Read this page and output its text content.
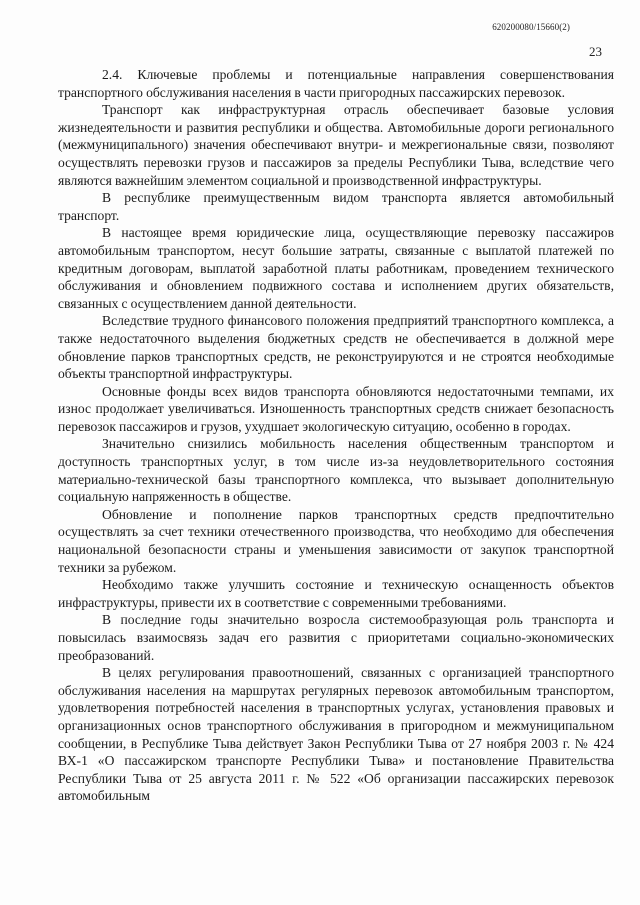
620200080/15660(2)
23

2.4. Ключевые проблемы и потенциальные направления совершенствования транспортного обслуживания населения в части пригородных пассажирских перевозок.

Транспорт как инфраструктурная отрасль обеспечивает базовые условия жизнедеятельности и развития республики и общества. Автомобильные дороги регионального (межмуниципального) значения обеспечивают внутри- и межрегиональные связи, позволяют осуществлять перевозки грузов и пассажиров за пределы Республики Тыва, вследствие чего являются важнейшим элементом социальной и производственной инфраструктуры.

В республике преимущественным видом транспорта является автомобильный транспорт.

В настоящее время юридические лица, осуществляющие перевозку пассажиров автомобильным транспортом, несут большие затраты, связанные с выплатой платежей по кредитным договорам, выплатой заработной платы работникам, проведением технического обслуживания и обновлением подвижного состава и исполнением других обязательств, связанных с осуществлением данной деятельности.

Вследствие трудного финансового положения предприятий транспортного комплекса, а также недостаточного выделения бюджетных средств не обеспечивается в должной мере обновление парков транспортных средств, не реконструируются и не строятся необходимые объекты транспортной инфраструктуры.

Основные фонды всех видов транспорта обновляются недостаточными темпами, их износ продолжает увеличиваться. Изношенность транспортных средств снижает безопасность перевозок пассажиров и грузов, ухудшает экологическую ситуацию, особенно в городах.

Значительно снизились мобильность населения общественным транспортом и доступность транспортных услуг, в том числе из-за неудовлетворительного состояния материально-технической базы транспортного комплекса, что вызывает дополнительную социальную напряженность в обществе.

Обновление и пополнение парков транспортных средств предпочтительно осуществлять за счет техники отечественного производства, что необходимо для обеспечения национальной безопасности страны и уменьшения зависимости от закупок транспортной техники за рубежом.

Необходимо также улучшить состояние и техническую оснащенность объектов инфраструктуры, привести их в соответствие с современными требованиями.

В последние годы значительно возросла системообразующая роль транспорта и повысилась взаимосвязь задач его развития с приоритетами социально-экономических преобразований.

В целях регулирования правоотношений, связанных с организацией транспортного обслуживания населения на маршрутах регулярных перевозок автомобильным транспортом, удовлетворения потребностей населения в транспортных услугах, установления правовых и организационных основ транспортного обслуживания в пригородном и межмуниципальном сообщении, в Республике Тыва действует Закон Республики Тыва от 27 ноября 2003 г. № 424 ВХ-1 «О пассажирском транспорте Республики Тыва» и постановление Правительства Республики Тыва от 25 августа 2011 г. № 522 «Об организации пассажирских перевозок автомобильным
